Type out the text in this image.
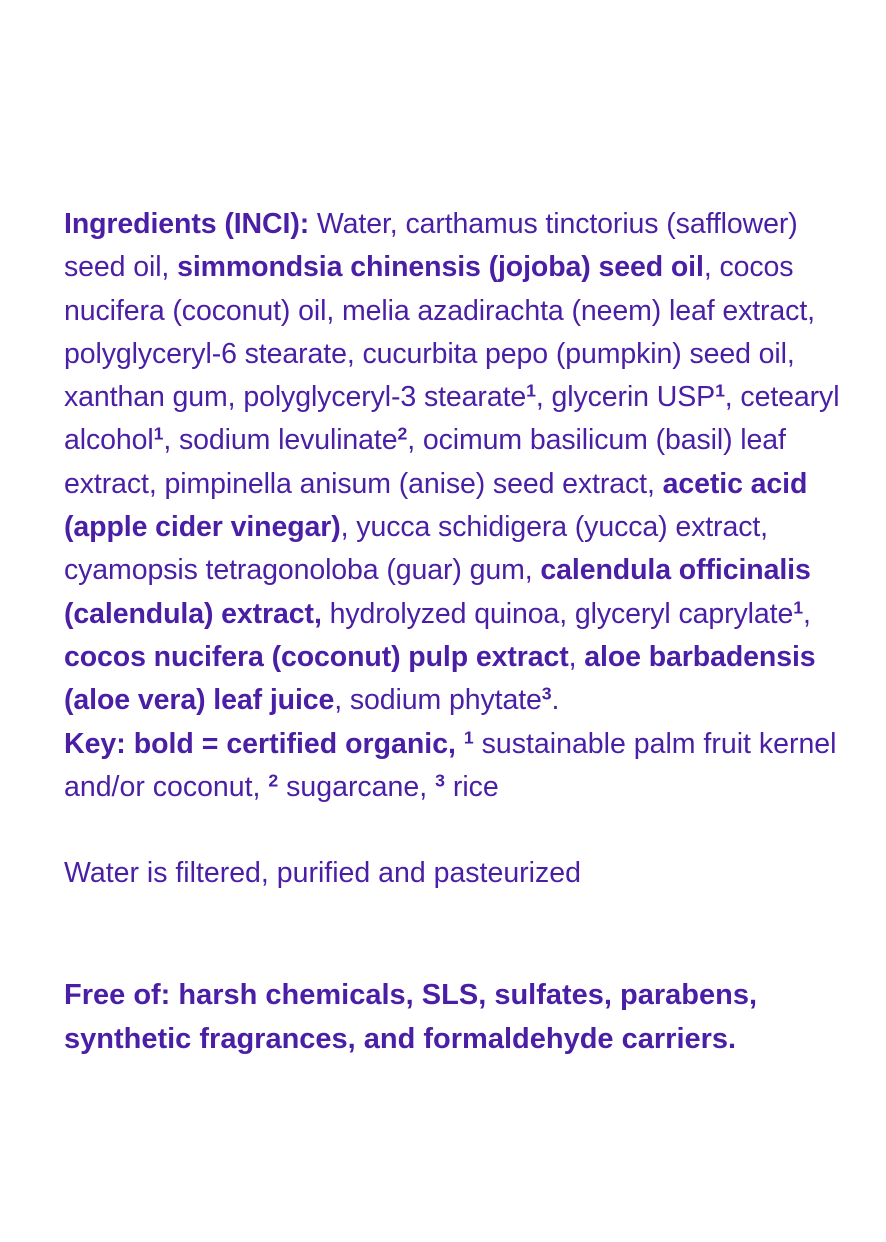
Ingredients (INCI): Water, carthamus tinctorius (safflower) seed oil, simmondsia chinensis (jojoba) seed oil, cocos nucifera (coconut) oil, melia azadirachta (neem) leaf extract, polyglyceryl-6 stearate, cucurbita pepo (pumpkin) seed oil, xanthan gum, polyglyceryl-3 stearate$^1$, glycerin USP$^1$, cetearyl alcohol$^1$, sodium levulinate$^2$, ocimum basilicum (basil) leaf extract, pimpinella anisum (anise) seed extract, acetic acid (apple cider vinegar), yucca schidigera (yucca) extract, cyamopsis tetragonoloba (guar) gum, calendula officinalis (calendula) extract, hydrolyzed quinoa, glyceryl caprylate$^1$, cocos nucifera (coconut) pulp extract, aloe barbadensis (aloe vera) leaf juice, sodium phytate$^3$.

Key: bold = certified organic, $^1$ sustainable palm fruit kernel and/or coconut, $^2$ sugarcane, $^3$ rice

Water is filtered, purified and pasteurized

Free of: harsh chemicals, SLS, sulfates, parabens, synthetic fragrances, and formaldehyde carriers.
